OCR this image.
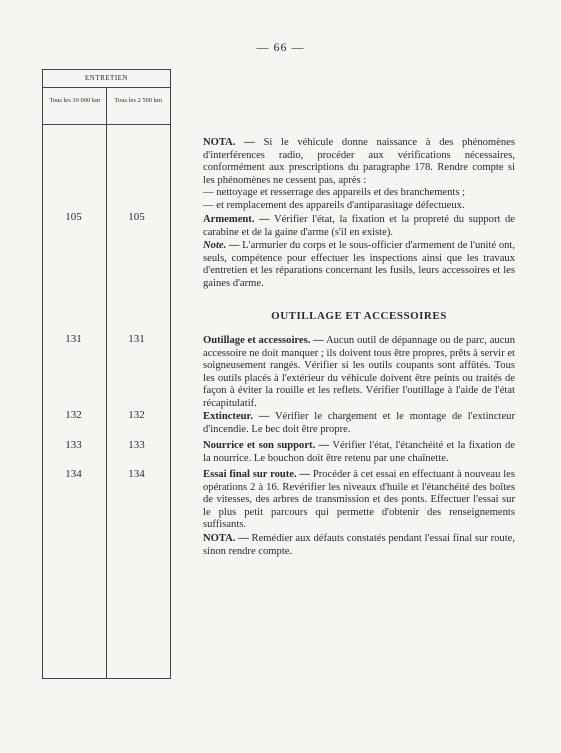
— 66 —
ENTRETIEN
Tous les 10 000 km	Tous les 2 500 km
105	105
131	131
132	132
133	133
134	134

NOTA. — Si le véhicule donne naissance à des phénomènes d'interférences radio, procéder aux vérifications nécessaires, conformément aux prescriptions du paragraphe 178. Rendre compte si les phénomènes ne cessent pas, après :

— nettoyage et resserrage des appareils et des branchements ;

— et remplacement des appareils d'antiparasitage défectueux.

Armement. — Vérifier l'état, la fixation et la propreté du support de carabine et de la gaine d'arme (s'il en existe).

Note. — L'armurier du corps et le sous-officier d'armement de l'unité ont, seuls, compétence pour effectuer les inspections ainsi que les travaux d'entretien et les réparations concernant les fusils, leurs accessoires et les gaines d'arme.

OUTILLAGE ET ACCESSOIRES

Outillage et accessoires. — Aucun outil de dépannage ou de parc, aucun accessoire ne doit manquer ; ils doivent tous être propres, prêts à servir et soigneusement rangés. Vérifier si les outils coupants sont affûtés. Tous les outils placés à l'extérieur du véhicule doivent être peints ou traités de façon à éviter la rouille et les reflets. Vérifier l'outillage à l'aide de l'état récapitulatif.

Extincteur. — Vérifier le chargement et le montage de l'extincteur d'incendie. Le bec doit être propre.

Nourrice et son support. — Vérifier l'état, l'étanchéité et la fixation de la nourrice. Le bouchon doit être retenu par une chaînette.

Essai final sur route. — Procéder à cet essai en effectuant à nouveau les opérations 2 à 16. Revérifier les niveaux d'huile et l'étanchéité des boîtes de vitesses, des arbres de transmission et des ponts. Effectuer l'essai sur le plus petit parcours qui permette d'obtenir des renseignements suffisants.

NOTA. — Remédier aux défauts constatés pendant l'essai final sur route, sinon rendre compte.
